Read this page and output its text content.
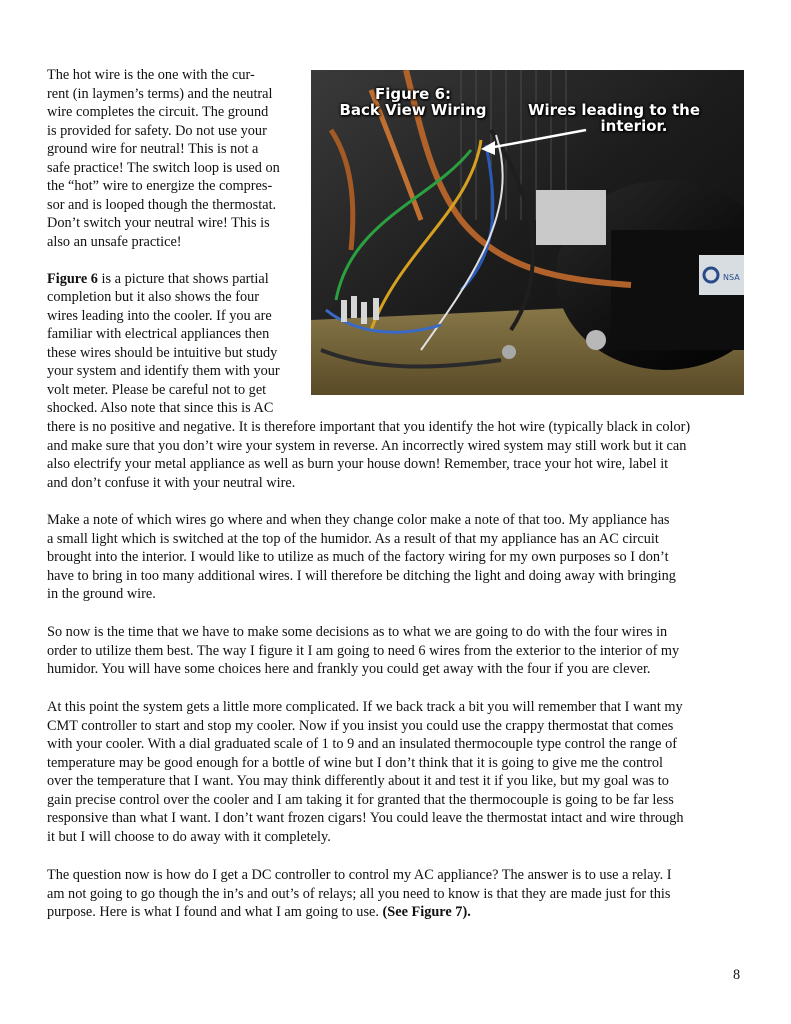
The hot wire is the one with the cur-
rent (in laymen’s terms) and the neutral
wire completes the circuit. The ground
is provided for safety. Do not use your
ground wire for neutral! This is not a
safe practice! The switch loop is used on
the “hot” wire to energize the compres-
sor and is looped though the thermostat.
Don’t switch your neutral wire! This is
also an unsafe practice!
Figure 6 is a picture that shows partial
completion but it also shows the four
wires leading into the cooler. If you are
familiar with electrical appliances then
these wires should be intuitive but study
your system and identify them with your
volt meter. Please be careful not to get
shocked. Also note that since this is AC
NSA
Figure 6:
Back View Wiring	Wires leading to the
interior.
there is no positive and negative. It is therefore important that you identify the hot wire (typically black in color)
and make sure that you don’t wire your system in reverse. An incorrectly wired system may still work but it can
also electrify your metal appliance as well as burn your house down! Remember, trace your hot wire, label it
and don’t confuse it with your neutral wire.
Make a note of which wires go where and when they change color make a note of that too. My appliance has
a small light which is switched at the top of the humidor. As a result of that my appliance has an AC circuit
brought into the interior. I would like to utilize as much of the factory wiring for my own purposes so I don’t
have to bring in too many additional wires. I will therefore be ditching the light and doing away with bringing
in the ground wire.
So now is the time that we have to make some decisions as to what we are going to do with the four wires in
order to utilize them best. The way I figure it I am going to need 6 wires from the exterior to the interior of my
humidor. You will have some choices here and frankly you could get away with the four if you are clever.
At this point the system gets a little more complicated. If we back track a bit you will remember that I want my
CMT controller to start and stop my cooler. Now if you insist you could use the crappy thermostat that comes
with your cooler. With a dial graduated scale of 1 to 9 and an insulated thermocouple type control the range of
temperature may be good enough for a bottle of wine but I don’t think that it is going to give me the control
over the temperature that I want. You may think differently about it and test it if you like, but my goal was to
gain precise control over the cooler and I am taking it for granted that the thermocouple is going to be far less
responsive than what I want. I don’t want frozen cigars! You could leave the thermostat intact and wire through
it but I will choose to do away with it completely.
The question now is how do I get a DC controller to control my AC appliance? The answer is to use a relay. I
am not going to go though the in’s and out’s of relays; all you need to know is that they are made just for this
purpose. Here is what I found and what I am going to use. (See Figure 7).
8
